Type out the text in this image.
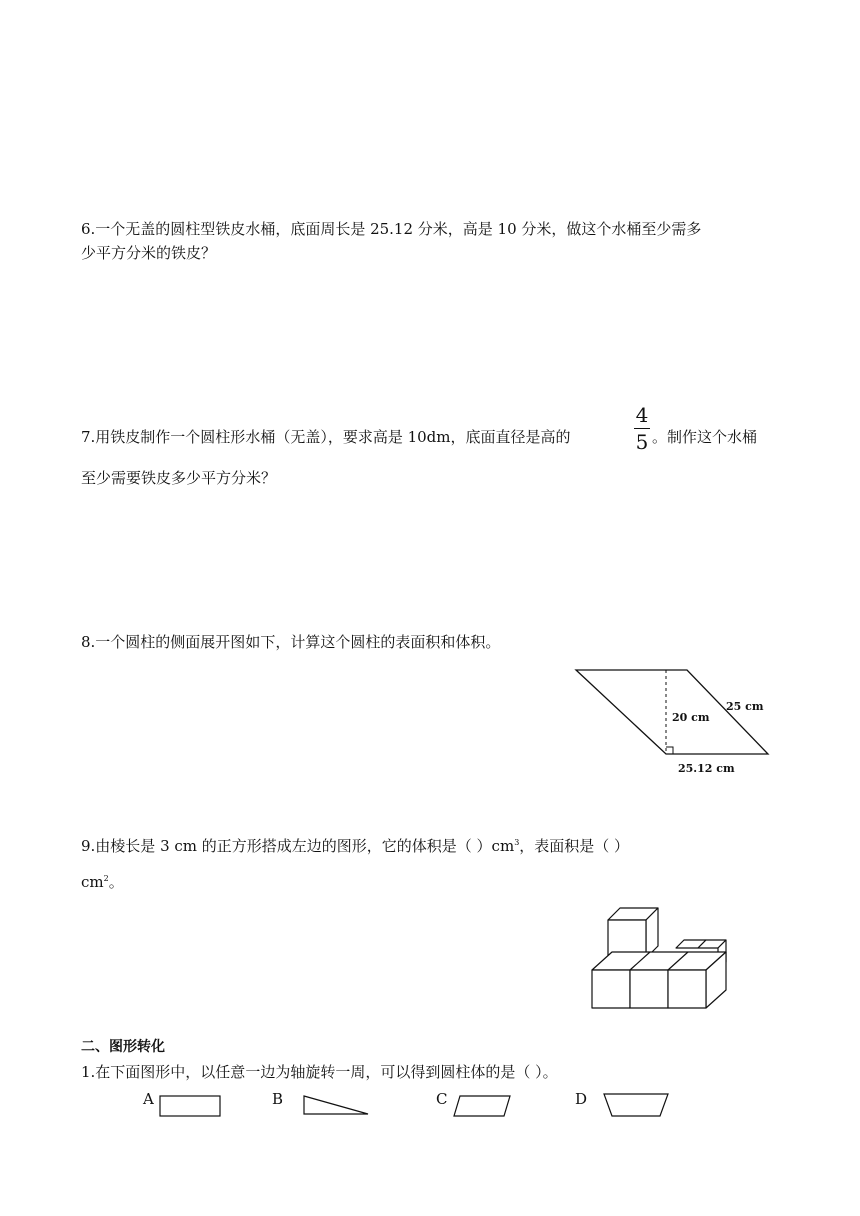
6.一个无盖的圆柱型铁皮水桶，底面周长是 25.12 分米，高是 10 分米，做这个水桶至少需多
少平方分米的铁皮？
7.用铁皮制作一个圆柱形水桶（无盖），要求高是 10dm，底面直径是高的
4
5 。制作这个水桶
至少需要铁皮多少平方分米？
8.一个圆柱的侧面展开图如下，计算这个圆柱的表面积和体积。
20 cm
25 cm
25.12 cm
9.由棱长是 3 cm 的正方形搭成左边的图形，它的体积是（ ）$cm^3$，表面积是（ ）
$cm^2$。
二、图形转化
1.在下面图形中，以任意一边为轴旋转一周，可以得到圆柱体的是（ ）。
A	B	C	D
